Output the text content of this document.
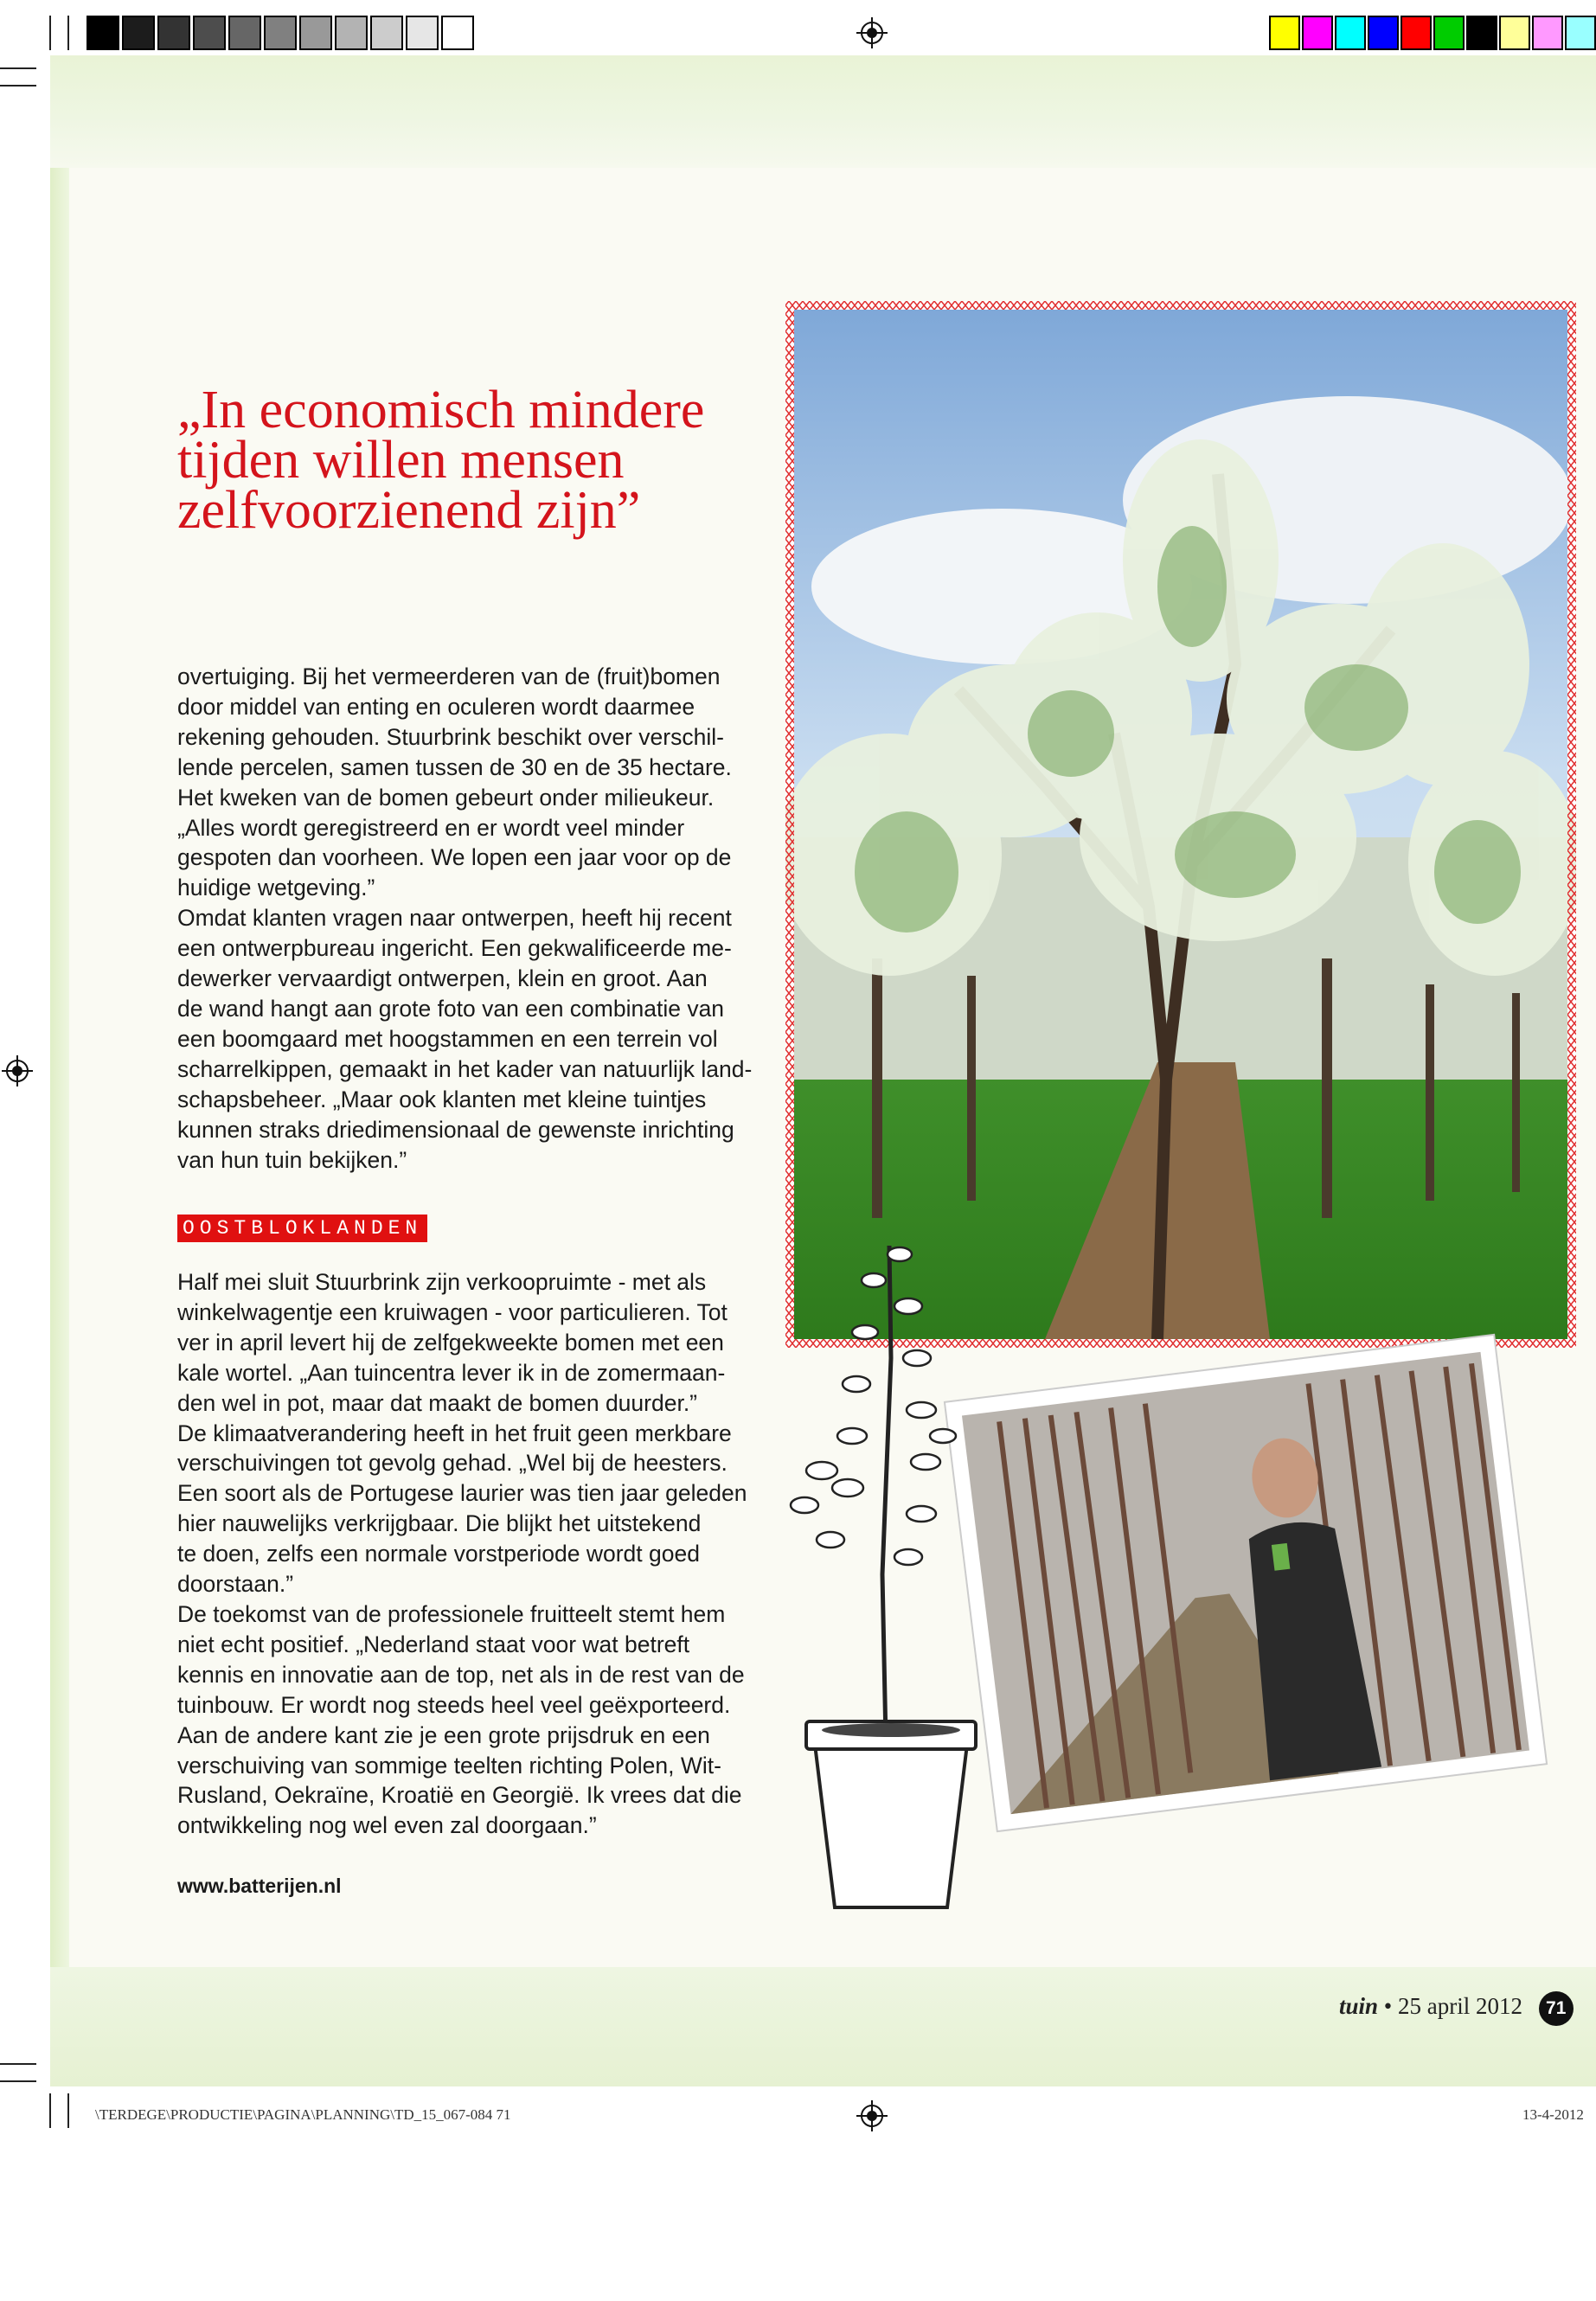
„In economisch mindere tijden willen mensen zelfvoorzienend zijn”

overtuiging. Bij het vermeerderen van de (fruit)bomen

door middel van enting en oculeren wordt daarmee

rekening gehouden. Stuurbrink beschikt over verschil-

lende percelen, samen tussen de 30 en de 35 hectare.

Het kweken van de bomen gebeurt onder milieukeur.

„Alles wordt geregistreerd en er wordt veel minder

gespoten dan voorheen. We lopen een jaar voor op de

huidige wetgeving.”

Omdat klanten vragen naar ontwerpen, heeft hij recent

een ontwerpbureau ingericht. Een gekwalificeerde me-

dewerker vervaardigt ontwerpen, klein en groot. Aan

de wand hangt aan grote foto van een combinatie van

een boomgaard met hoogstammen en een terrein vol

scharrelkippen, gemaakt in het kader van natuurlijk land-

schapsbeheer. „Maar ook klanten met kleine tuintjes

kunnen straks driedimensionaal de gewenste inrichting

van hun tuin bekijken.”

OOSTBLOKLANDEN

Half mei sluit Stuurbrink zijn verkoopruimte - met als

winkelwagentje een kruiwagen - voor particulieren. Tot

ver in april levert hij de zelfgekweekte bomen met een

kale wortel. „Aan tuincentra lever ik in de zomermaan-

den wel in pot, maar dat maakt de bomen duurder.”

De klimaatverandering heeft in het fruit geen merkbare

verschuivingen tot gevolg gehad. „Wel bij de heesters.

Een soort als de Portugese laurier was tien jaar geleden

hier nauwelijks verkrijgbaar. Die blijkt het uitstekend

te doen, zelfs een normale vorstperiode wordt goed

doorstaan.”

De toekomst van de professionele fruitteelt stemt hem

niet echt positief. „Nederland staat voor wat betreft

kennis en innovatie aan de top, net als in de rest van de

tuinbouw. Er wordt nog steeds heel veel geëxporteerd.

Aan de andere kant zie je een grote prijsdruk en een

verschuiving van sommige teelten richting Polen, Wit-

Rusland, Oekraïne, Kroatië en Georgië. Ik vrees dat die

ontwikkeling nog wel even zal doorgaan.”

www.batterijen.nl
tuin • 25 april 2012 71
\TERDEGE\PRODUCTIE\PAGINA\PLANNING\TD_15_067-084 71	13-4-2012
